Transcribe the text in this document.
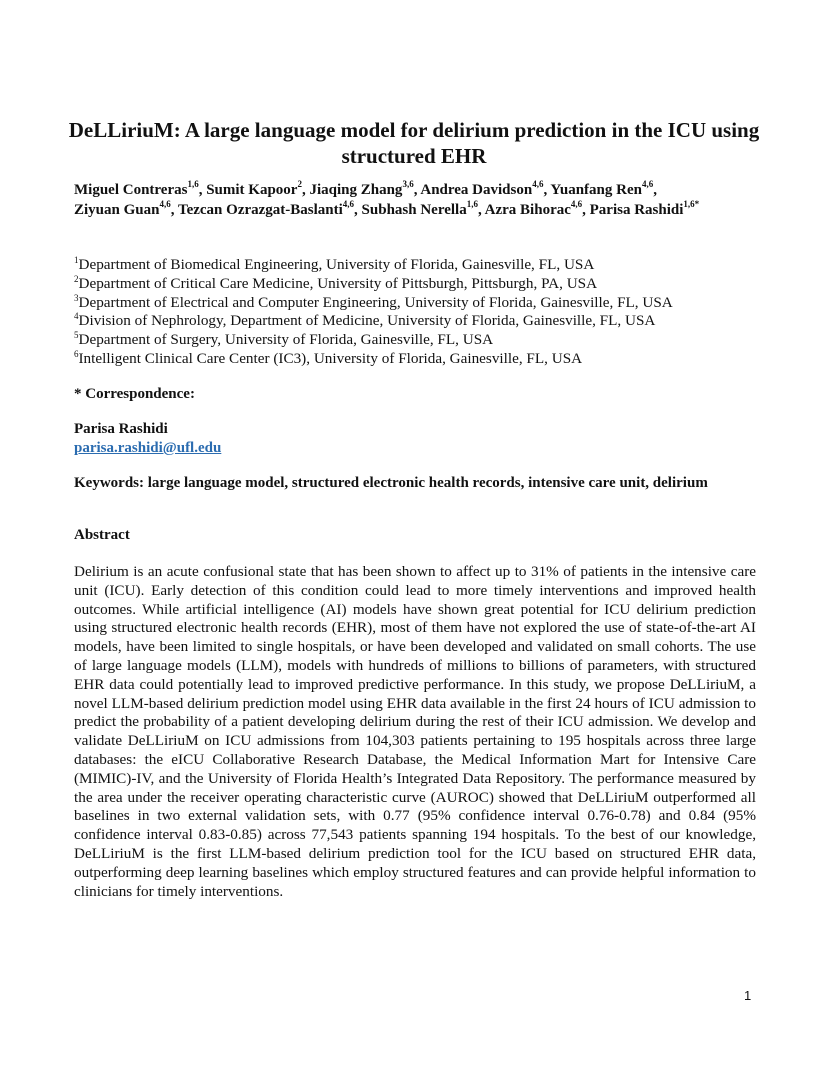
DeLLiriuM: A large language model for delirium prediction in the ICU using structured EHR
Miguel Contreras$^{1,6}$, Sumit Kapoor$^2$, Jiaqing Zhang$^{3,6}$, Andrea Davidson$^{4,6}$, Yuanfang Ren$^{4,6}$,
Ziyuan Guan$^{4,6}$, Tezcan Ozrazgat-Baslanti$^{4,6}$, Subhash Nerella$^{1,6}$, Azra Bihorac$^{4,6}$, Parisa Rashidi$^{1,6*}$
$^1$Department of Biomedical Engineering, University of Florida, Gainesville, FL, USA
$^2$Department of Critical Care Medicine, University of Pittsburgh, Pittsburgh, PA, USA
$^3$Department of Electrical and Computer Engineering, University of Florida, Gainesville, FL, USA
$^4$Division of Nephrology, Department of Medicine, University of Florida, Gainesville, FL, USA
$^5$Department of Surgery, University of Florida, Gainesville, FL, USA
$^6$Intelligent Clinical Care Center (IC3), University of Florida, Gainesville, FL, USA
* Correspondence:
Parisa Rashidi
parisa.rashidi@ufl.edu
Keywords: large language model, structured electronic health records, intensive care unit, delirium
Abstract
Delirium is an acute confusional state that has been shown to affect up to 31% of patients in the intensive care unit (ICU). Early detection of this condition could lead to more timely interventions and improved health outcomes. While artificial intelligence (AI) models have shown great potential for ICU delirium prediction using structured electronic health records (EHR), most of them have not explored the use of state-of-the-art AI models, have been limited to single hospitals, or have been developed and validated on small cohorts. The use of large language models (LLM), models with hundreds of millions to billions of parameters, with structured EHR data could potentially lead to improved predictive performance. In this study, we propose DeLLiriuM, a novel LLM-based delirium prediction model using EHR data available in the first 24 hours of ICU admission to predict the probability of a patient developing delirium during the rest of their ICU admission. We develop and validate DeLLiriuM on ICU admissions from 104,303 patients pertaining to 195 hospitals across three large databases: the eICU Collaborative Research Database, the Medical Information Mart for Intensive Care (MIMIC)-IV, and the University of Florida Health’s Integrated Data Repository. The performance measured by the area under the receiver operating characteristic curve (AUROC) showed that DeLLiriuM outperformed all baselines in two external validation sets, with 0.77 (95% confidence interval 0.76-0.78) and 0.84 (95% confidence interval 0.83-0.85) across 77,543 patients spanning 194 hospitals. To the best of our knowledge, DeLLiriuM is the first LLM-based delirium prediction tool for the ICU based on structured EHR data, outperforming deep learning baselines which employ structured features and can provide helpful information to clinicians for timely interventions.
1
